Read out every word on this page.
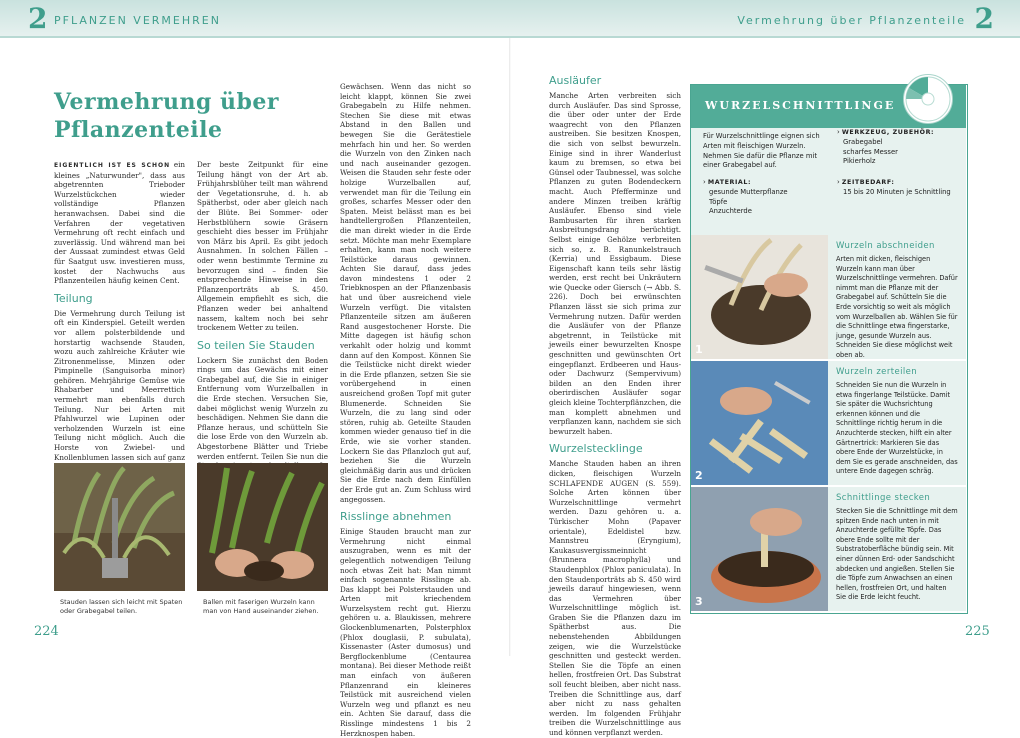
2 PFLANZEN VERMEHREN	Vermehrung über Pflanzenteile 2
Vermehrung über
Pflanzenteile

EIGENTLICH IST ES SCHON ein kleines „Naturwunder", dass aus abgetrennten Trieboder Wurzelstückchen wieder vollständige Pflanzen heranwachsen. Dabei sind die Verfahren der vegetativen Vermehrung oft recht einfach und zuverlässig. Und während man bei der Aussaat zumindest etwas Geld für Saatgut usw. investieren muss, kostet der Nachwuchs aus Pflanzenteilen häufig keinen Cent.

Teilung

Die Vermehrung durch Teilung ist oft ein Kinderspiel. Geteilt werden vor allem polsterbildende und horstartig wachsende Stauden, wozu auch zahlreiche Kräuter wie Zitronenmelisse, Minzen oder Pimpinelle (Sanguisorba minor) gehören. Mehrjährige Gemüse wie Rhabarber und Meerrettich vermehrt man ebenfalls durch Teilung. Nur bei Arten mit Pfahlwurzel wie Lupinen oder verholzenden Wurzeln ist eine Teilung nicht möglich. Auch die Horste von Zwiebel- und Knollenblumen lassen sich auf ganz

Der beste Zeitpunkt für eine Teilung hängt von der Art ab. Frühjahrsblüher teilt man während der Vegetationsruhe, d. h. ab Spätherbst, oder aber gleich nach der Blüte. Bei Sommer- oder Herbstblühern sowie Gräsern geschieht dies besser im Frühjahr von März bis April. Es gibt jedoch Ausnahmen. In solchen Fällen – oder wenn bestimmte Termine zu bevorzugen sind – finden Sie entsprechende Hinweise in den Pflanzenporträts ab S. 450. Allgemein empfiehlt es sich, die Pflanzen weder bei anhaltend nassem, kaltem noch bei sehr trockenem Wetter zu teilen.

So teilen Sie Stauden

Lockern Sie zunächst den Boden rings um das Gewächs mit einer Grabegabel auf, die Sie in einiger Entfernung vom Wurzelballen in die Erde stechen. Versuchen Sie, dabei möglichst wenig Wurzeln zu beschädigen. Nehmen Sie dann die Pflanze heraus, und schütteln Sie die lose Erde von den Wurzeln ab. Abgestorbene Blätter und Triebe werden entfernt. Teilen Sie nun die

Gewächsen. Wenn das nicht so leicht klappt, können Sie zwei Grabegabeln zu Hilfe nehmen. Stechen Sie diese mit etwas Abstand in den Ballen und bewegen Sie die Gerätestiele mehrfach hin und her. So werden die Wurzeln von den Zinken nach und nach auseinander gezogen. Weisen die Stauden sehr feste oder holzige Wurzelballen auf, verwendet man für die Teilung ein großes, scharfes Messer oder den Spaten. Meist belässt man es bei handtellergroßen Pflanzenteilen, die man direkt wieder in die Erde setzt. Möchte man mehr Exemplare erhalten, kann man noch weitere Teilstücke daraus gewinnen. Achten Sie darauf, dass jedes davon mindestens 1 oder 2 Triebknospen an der Pflanzenbasis hat und über ausreichend viele Wurzeln verfügt. Die vitalsten Pflanzenteile sitzen am äußeren Rand ausgestochener Horste. Die Mitte dagegen ist häufig schon verkahlt oder holzig und kommt dann auf den Kompost. Können Sie die Teilstücke nicht direkt wieder in die Erde pflanzen, setzen Sie sie vorübergehend in einen ausreichend großen Topf mit guter Blumenerde. Schneiden Sie Wurzeln, die zu lang sind oder stören, ruhig ab. Geteilte Stauden kommen wieder genauso tief in die Erde, wie sie vorher standen. Lockern Sie das Pflanzloch gut auf, beziehen Sie die Wurzeln gleichmäßig darin aus und drücken Sie die Erde nach dem Einfüllen der Erde gut an. Zum Schluss wird angegossen.

Risslinge abnehmen

Einige Stauden braucht man zur Vermehrung nicht einmal auszugraben, wenn es mit der gelegentlich notwendigen Teilung noch etwas Zeit hat: Man nimmt einfach sogenannte Risslinge ab. Das klappt bei Polsterstauden und Arten mit kriechendem Wurzelsystem recht gut. Hierzu gehören u. a. Blaukissen, mehrere Glockenblumenarten, Polsterphlox (Phlox douglasii, P. subulata), Kissenaster (Aster dumosus) und Bergflockenblume (Centaurea montana). Bei dieser Methode reißt man einfach von äußeren Pflanzenrand ein kleineres Teilstück mit ausreichend vielen Wurzeln weg und pflanzt es neu ein. Achten Sie darauf, dass die Risslinge mindestens 1 bis 2 Herzknospen haben.

Stauden lassen sich leicht mit Spaten oder Grabegabel teilen.
Ballen mit faserigen Wurzeln kann man von Hand auseinander ziehen.
224
Ausläufer

Manche Arten verbreiten sich durch Ausläufer. Das sind Sprosse, die über oder unter der Erde waagrecht von den Pflanzen austreiben. Sie besitzen Knospen, die sich von selbst bewurzeln. Einige sind in ihrer Wanderlust kaum zu bremsen, so etwa bei Günsel oder Taubnessel, was solche Pflanzen zu guten Bodendeckern macht. Auch Pfefferminze und andere Minzen treiben kräftig Ausläufer. Ebenso sind viele Bambusarten für ihren starken Ausbreitungsdrang berüchtigt. Selbst einige Gehölze verbreiten sich so, z. B. Ranunkelstrauch (Kerria) und Essigbaum. Diese Eigenschaft kann teils sehr lästig werden, erst recht bei Unkräutern wie Quecke oder Giersch (→ Abb. S. 226). Doch bei erwünschten Pflanzen lässt sie sich prima zur Vermehrung nutzen. Dafür werden die Ausläufer von der Pflanze abgetrennt, in Teilstücke mit jeweils einer bewurzelten Knospe geschnitten und gewünschten Ort eingepflanzt. Erdbeeren und Haus- oder Dachwurz (Sempervivum) bilden an den Enden ihrer oberirdischen Ausläufer sogar gleich kleine Tochterpflänzchen, die man komplett abnehmen und verpflanzen kann, nachdem sie sich bewurzelt haben.

Wurzelstecklinge

Manche Stauden haben an ihren dicken, fleischigen Wurzeln SCHLAFENDE AUGEN (S. 559). Solche Arten können über Wurzelschnittlinge vermehrt werden. Dazu gehören u. a. Türkischer Mohn (Papaver orientale), Edeldistel bzw. Mannstreu (Eryngium), Kaukasusvergissmeinnicht (Brunnera macrophylla) und Staudenphlox (Phlox paniculata). In den Staudenporträts ab S. 450 wird jeweils darauf hingewiesen, wenn das Vermehren über Wurzelschnittlinge möglich ist. Graben Sie die Pflanzen dazu im Spätherbst aus. Die nebenstehenden Abbildungen zeigen, wie die Wurzelstücke geschnitten und gesteckt werden. Stellen Sie die Töpfe an einen hellen, frostfreien Ort. Das Substrat soll feucht bleiben, aber nicht nass. Treiben die Schnittlinge aus, darf aber nicht zu nass gehalten werden. Im folgenden Frühjahr treiben die Wurzelschnittlinge aus und können verpflanzt werden.

WURZELSCHNITTLINGE
Für Wurzelschnittlinge eignen sich Arten mit fleischigen Wurzeln. Nehmen Sie dafür die Pflanze mit einer Grabegabel auf.
› MATERIAL:
gesunde Mutterpflanze
Töpfe
Anzuchterde
› WERKZEUG, ZUBEHÖR:
Grabegabel
scharfes Messer
Pikierholz
› ZEITBEDARF:
15 bis 20 Minuten je Schnittling
1
Wurzeln abschneiden

Arten mit dicken, fleischigen Wurzeln kann man über Wurzelschnittlinge vermehren. Dafür nimmt man die Pflanze mit der Grabegabel auf. Schütteln Sie die Erde vorsichtig so weit als möglich vom Wurzelballen ab. Wählen Sie für die Schnittlinge etwa fingerstarke, junge, gesunde Wurzeln aus. Schneiden Sie diese möglichst weit oben ab.

2
Wurzeln zerteilen

Schneiden Sie nun die Wurzeln in etwa fingerlange Teilstücke. Damit Sie später die Wuchsrichtung erkennen können und die Schnittlinge richtig herum in die Anzuchterde stecken, hilft ein alter Gärtnertrick: Markieren Sie das obere Ende der Wurzelstücke, in dem Sie es gerade anschneiden, das untere Ende dagegen schräg.

3
Schnittlinge stecken

Stecken Sie die Schnittlinge mit dem spitzen Ende nach unten in mit Anzuchterde gefüllte Töpfe. Das obere Ende sollte mit der Substratoberfläche bündig sein. Mit einer dünnen Erd- oder Sandschicht abdecken und angießen. Stellen Sie die Töpfe zum Anwachsen an einen hellen, frostfreien Ort, und halten Sie die Erde leicht feucht.

225
